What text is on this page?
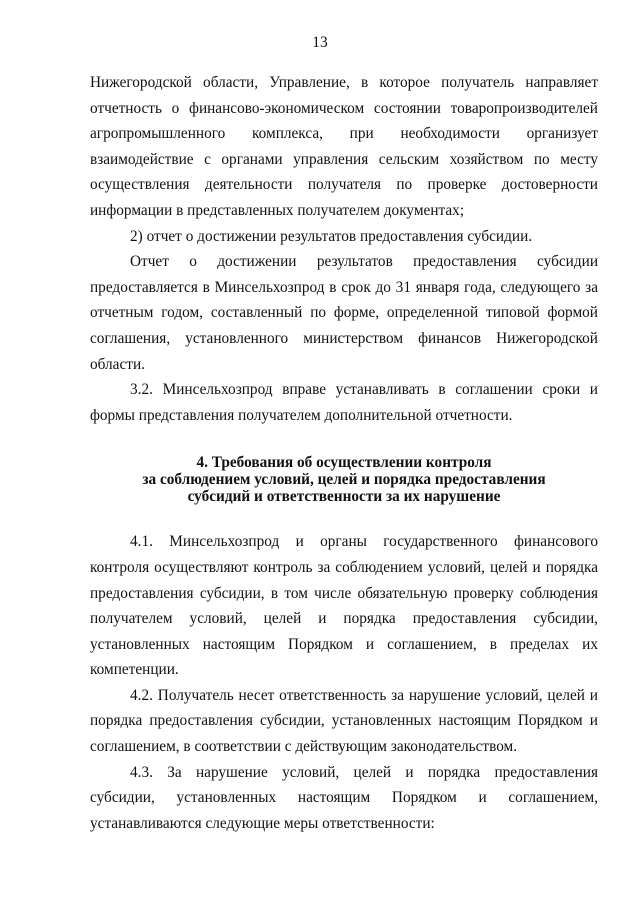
13
Нижегородской области, Управление, в которое получатель направляет
отчетность о финансово-экономическом состоянии товаропроизводителей
агропромышленного комплекса, при необходимости организует
взаимодействие с органами управления сельским хозяйством по месту
осуществления деятельности получателя по проверке достоверности
информации в представленных получателем документах;
2) отчет о достижении результатов предоставления субсидии.
Отчет о достижении результатов предоставления субсидии
предоставляется в Минсельхозпрод в срок до 31 января года, следующего за
отчетным годом, составленный по форме, определенной типовой формой
соглашения, установленного министерством финансов Нижегородской
области.
3.2. Минсельхозпрод вправе устанавливать в соглашении сроки и
формы представления получателем дополнительной отчетности.
4. Требования об осуществлении контроля
за соблюдением условий, целей и порядка предоставления
субсидий и ответственности за их нарушение
4.1. Минсельхозпрод и органы государственного финансового
контроля осуществляют контроль за соблюдением условий, целей и порядка
предоставления субсидии, в том числе обязательную проверку соблюдения
получателем условий, целей и порядка предоставления субсидии,
установленных настоящим Порядком и соглашением, в пределах их
компетенции.
4.2. Получатель несет ответственность за нарушение условий, целей и
порядка предоставления субсидии, установленных настоящим Порядком и
соглашением, в соответствии с действующим законодательством.
4.3. За нарушение условий, целей и порядка предоставления
субсидии, установленных настоящим Порядком и соглашением,
устанавливаются следующие меры ответственности:
